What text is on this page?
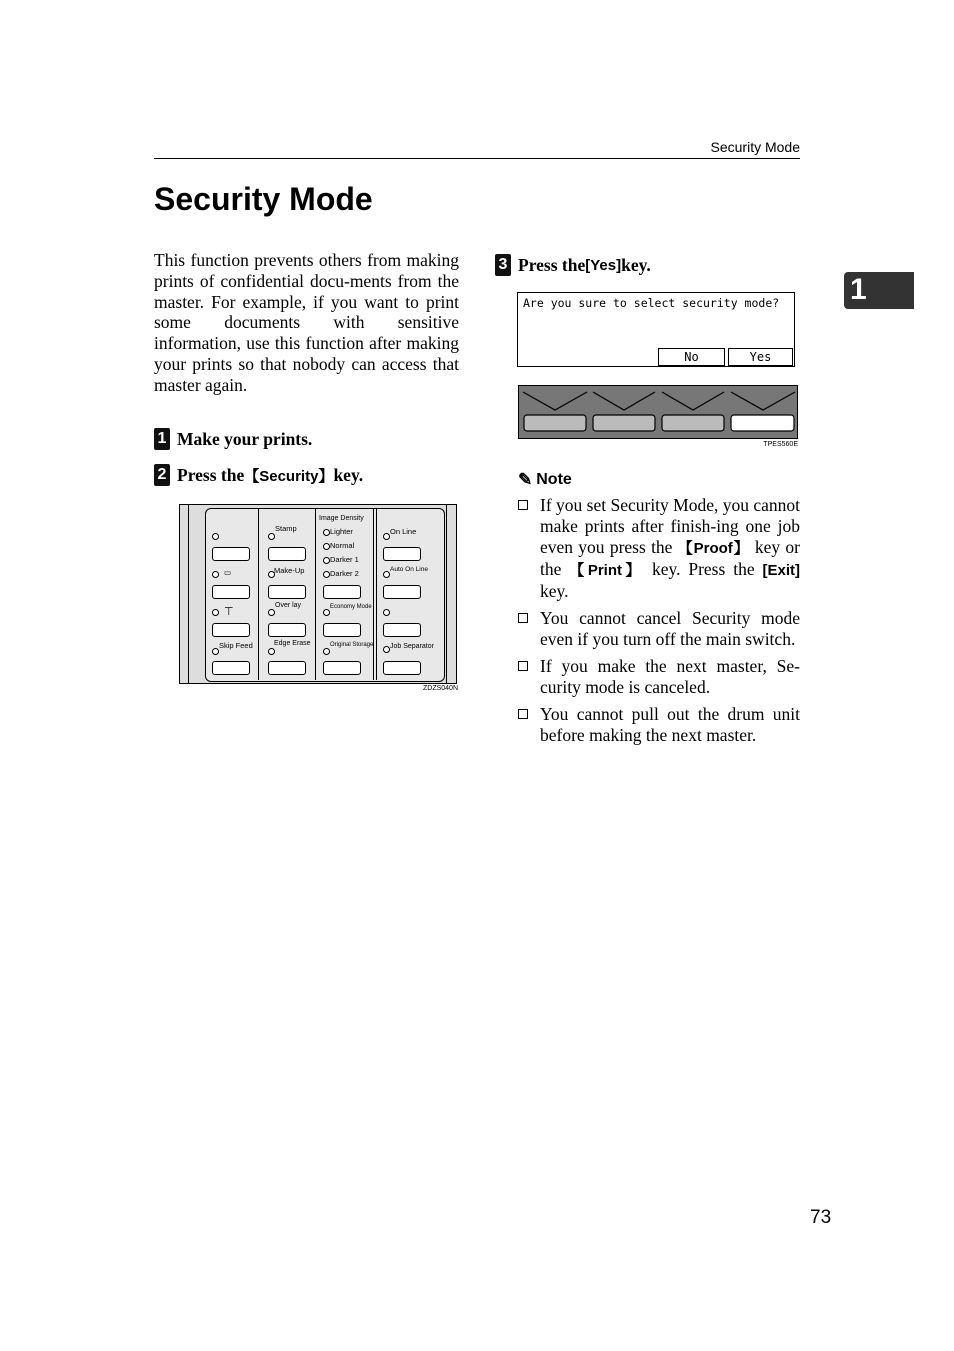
Security Mode
Security Mode
This function prevents others from making prints of confidential docu-ments from the master. For example, if you want to print some documents with sensitive information, use this function after making your prints so that nobody can access that master again.
1 Make your prints.
2 Press the 【Security】 key.
▭
⊤
Skip Feed
Stamp
Make-Up
Over lay
Edge Erase
Image Density
Lighter
Normal
Darker 1
Darker 2
Economy Mode
Original Storage
On Line
Auto On Line
Job Separator
ZDZS040N
3 Press the [Yes] key.
Are you sure to select security mode?
No	Yes
TPES560E
✎ Note
If you set Security Mode, you cannot make prints after finish-ing one job even you press the 【Proof】 key or the 【Print】 key. Press the [Exit] key.
You cannot cancel Security mode even if you turn off the main switch.
If you make the next master, Se-curity mode is canceled.
You cannot pull out the drum unit before making the next master.
1
73
